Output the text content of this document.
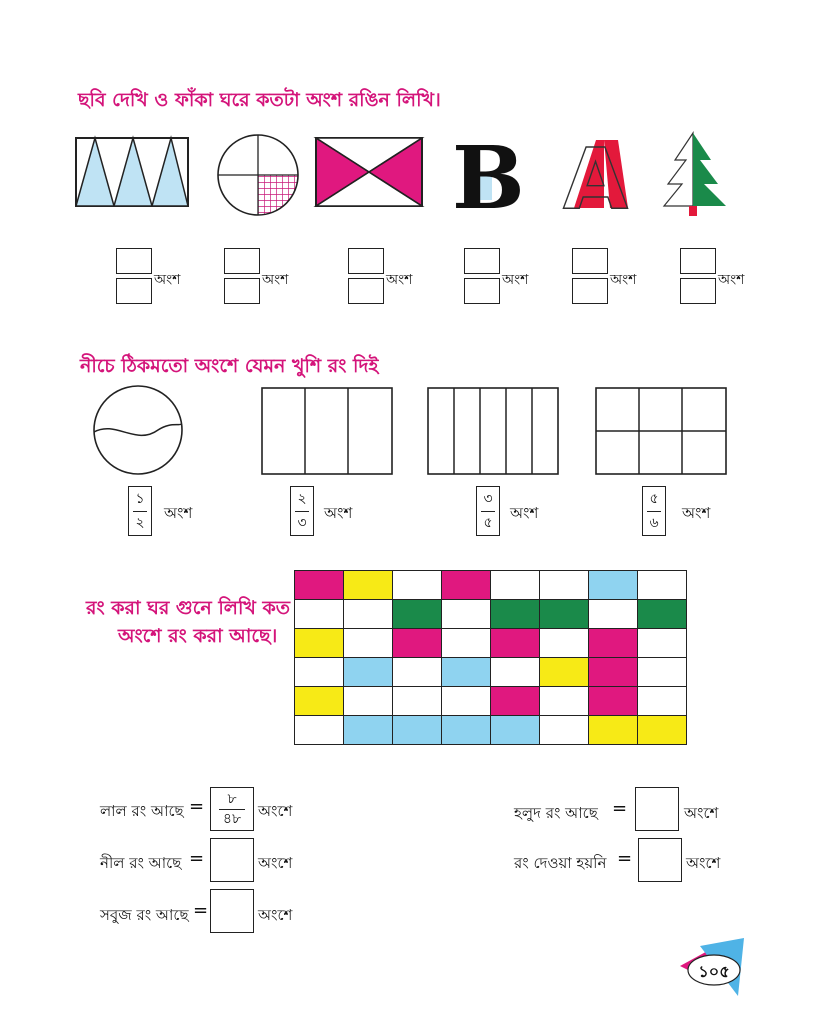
ছবি দেখি ও ফাঁকা ঘরে কতটা অংশ রঙিন লিখি।
B A
অংশ	অংশ	অংশ	অংশ	অংশ	অংশ
নীচে ঠিকমতো অংশে যেমন খুশি রং দিই
১
২
অংশ
২
৩
অংশ
৩
৫
অংশ
৫
৬
অংশ
রং করা ঘর গুনে লিখি কত
অংশে রং করা আছে।

লাল রং আছে =	৮
৪৮	অংশে
নীল রং আছে =	অংশে
সবুজ রং আছে =	অংশে
হলুদ রং আছে =	অংশে
রং দেওয়া হয়নি =	অংশে
১০৫
